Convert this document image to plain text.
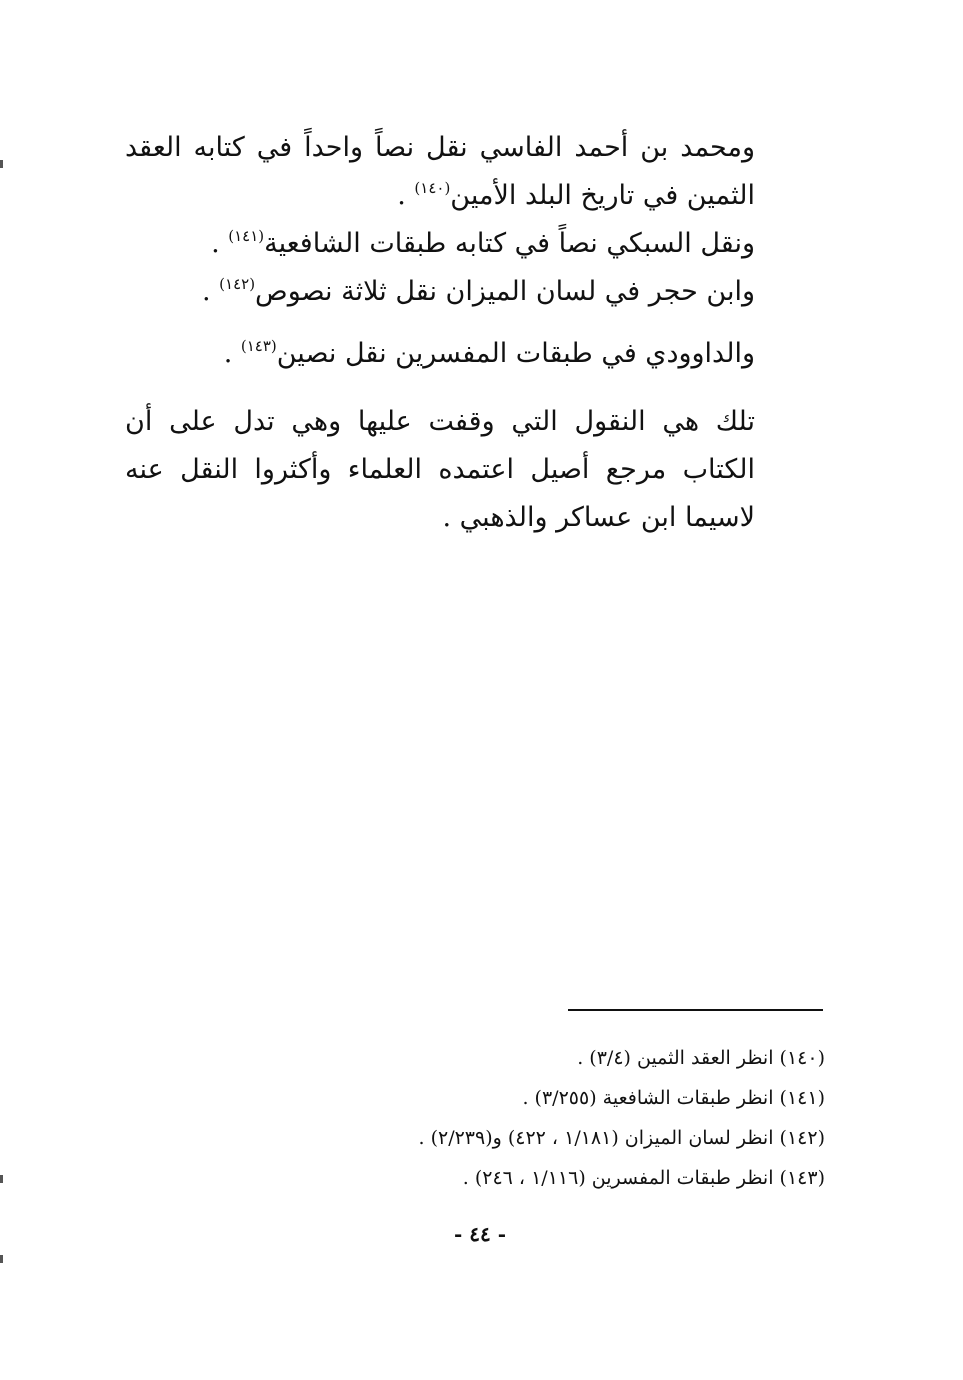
ومحمد بن أحمد الفاسي نقل نصاً واحداً في كتابه العقد الثمين في تاريخ البلد الأمين$^{(١٤٠)}$ .

ونقل السبكي نصاً في كتابه طبقات الشافعية$^{(١٤١)}$ .

وابن حجر في لسان الميزان نقل ثلاثة نصوص$^{(١٤٢)}$ .

والداوودي في طبقات المفسرين نقل نصين$^{(١٤٣)}$ .

تلك هي النقول التي وقفت عليها وهي تدل على أن الكتاب مرجع أصيل اعتمده العلماء وأكثروا النقل عنه لاسيما ابن عساكر والذهبي .

(١٤٠) انظر العقد الثمين (٣/٤) .

(١٤١) انظر طبقات الشافعية (٣/٢٥٥) .

(١٤٢) انظر لسان الميزان (١/١٨١ ، ٤٢٢) و(٢/٢٣٩) .

(١٤٣) انظر طبقات المفسرين (١/١١٦ ، ٢٤٦) .

- ٤٤ -
